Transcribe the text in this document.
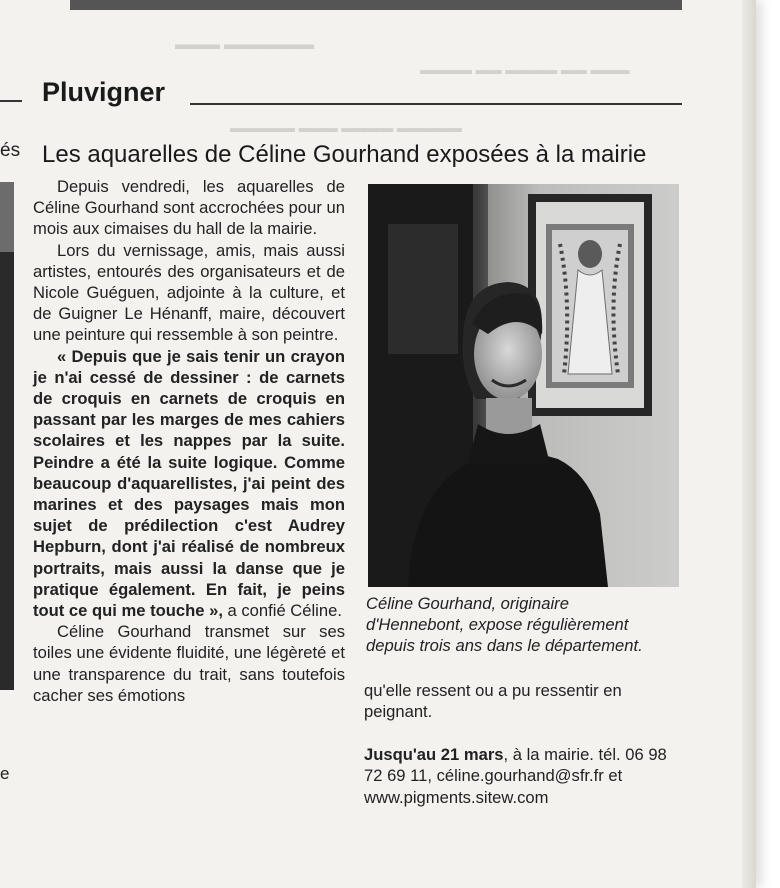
▬▬▬ ▬▬▬▬▬▬
▬▬▬▬ ▬▬ ▬▬▬▬ ▬▬ ▬▬▬
▬▬▬▬▬ ▬▬▬ ▬▬▬▬ ▬▬▬▬▬
és
e
Pluvigner
Les aquarelles de Céline Gourhand exposées à la mairie

Depuis vendredi, les aquarelles de Céline Gourhand sont accrochées pour un mois aux cimaises du hall de la mairie.

Lors du vernissage, amis, mais aussi artistes, entourés des organisateurs et de Nicole Guéguen, adjointe à la culture, et de Guigner Le Hénanff, maire, découvert une peinture qui ressemble à son peintre.

« Depuis que je sais tenir un crayon je n'ai cessé de dessiner : de carnets de croquis en carnets de croquis en passant par les marges de mes cahiers scolaires et les nappes par la suite. Peindre a été la suite logique. Comme beaucoup d'aquarellistes, j'ai peint des marines et des paysages mais mon sujet de prédilection c'est Audrey Hepburn, dont j'ai réalisé de nombreux portraits, mais aussi la danse que je pratique également. En fait, je peins tout ce qui me touche », a confié Céline.

Céline Gourhand transmet sur ses toiles une évidente fluidité, une légèreté et une transparence du trait, sans toutefois cacher ses émotions

Céline Gourhand, originaire

d'Hennebont, expose régulièrement

depuis trois ans dans le département.

qu'elle ressent ou a pu ressentir en peignant.

Jusqu'au 21 mars, à la mairie. tél. 06 98 72 69 11, céline.gourhand@sfr.fr et www.pigments.sitew.com
